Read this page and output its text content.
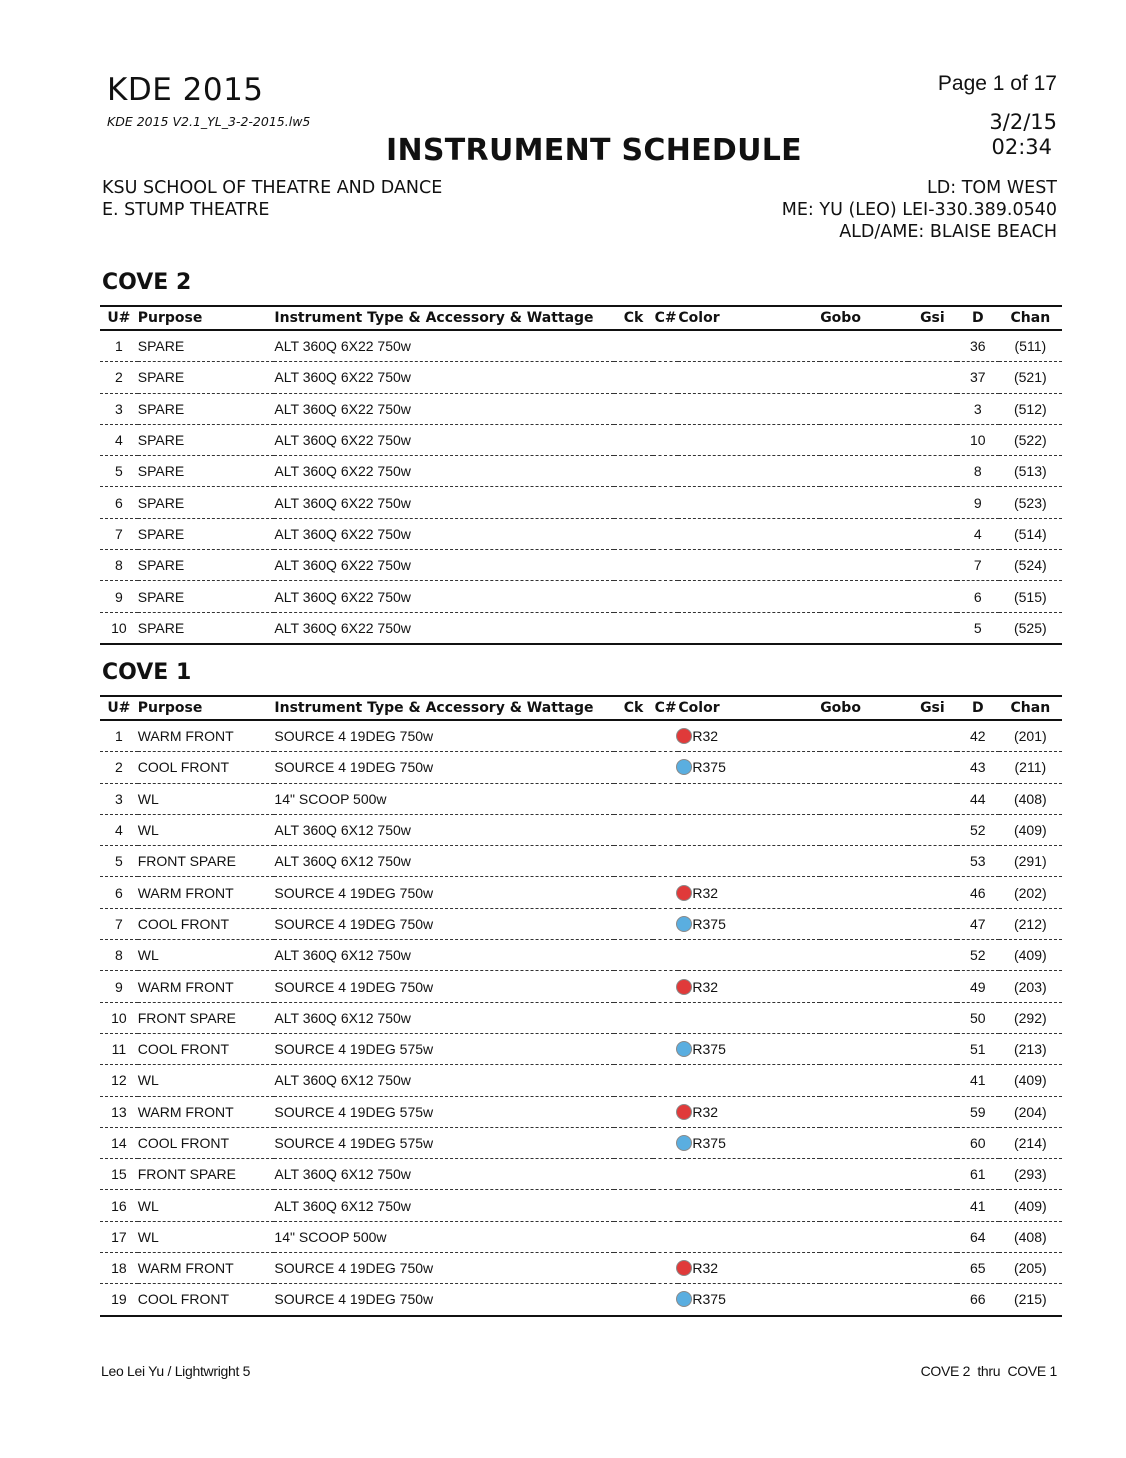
KDE 2015
KDE 2015 V2.1_YL_3-2-2015.lw5
INSTRUMENT SCHEDULE
Page 1 of 17
3/2/15
02:34
KSU SCHOOL OF THEATRE AND DANCE
E. STUMP THEATRE
LD: TOM WEST
ME: YU (LEO) LEI-330.389.0540
ALD/AME: BLAISE BEACH
COVE 2
U#	Purpose	Instrument Type & Accessory & Wattage	Ck	C#	Color	Gobo	Gsi	D	Chan
1	SPARE	ALT 360Q 6X22 750w						36	(511)
2	SPARE	ALT 360Q 6X22 750w						37	(521)
3	SPARE	ALT 360Q 6X22 750w						3	(512)
4	SPARE	ALT 360Q 6X22 750w						10	(522)
5	SPARE	ALT 360Q 6X22 750w						8	(513)
6	SPARE	ALT 360Q 6X22 750w						9	(523)
7	SPARE	ALT 360Q 6X22 750w						4	(514)
8	SPARE	ALT 360Q 6X22 750w						7	(524)
9	SPARE	ALT 360Q 6X22 750w						6	(515)
10	SPARE	ALT 360Q 6X22 750w						5	(525)
COVE 1
U#	Purpose	Instrument Type & Accessory & Wattage	Ck	C#	Color	Gobo	Gsi	D	Chan
1	WARM FRONT	SOURCE 4 19DEG 750w			R32			42	(201)
2	COOL FRONT	SOURCE 4 19DEG 750w			R375			43	(211)
3	WL	14" SCOOP 500w						44	(408)
4	WL	ALT 360Q 6X12 750w						52	(409)
5	FRONT SPARE	ALT 360Q 6X12 750w						53	(291)
6	WARM FRONT	SOURCE 4 19DEG 750w			R32			46	(202)
7	COOL FRONT	SOURCE 4 19DEG 750w			R375			47	(212)
8	WL	ALT 360Q 6X12 750w						52	(409)
9	WARM FRONT	SOURCE 4 19DEG 750w			R32			49	(203)
10	FRONT SPARE	ALT 360Q 6X12 750w						50	(292)
11	COOL FRONT	SOURCE 4 19DEG 575w			R375			51	(213)
12	WL	ALT 360Q 6X12 750w						41	(409)
13	WARM FRONT	SOURCE 4 19DEG 575w			R32			59	(204)
14	COOL FRONT	SOURCE 4 19DEG 575w			R375			60	(214)
15	FRONT SPARE	ALT 360Q 6X12 750w						61	(293)
16	WL	ALT 360Q 6X12 750w						41	(409)
17	WL	14" SCOOP 500w						64	(408)
18	WARM FRONT	SOURCE 4 19DEG 750w			R32			65	(205)
19	COOL FRONT	SOURCE 4 19DEG 750w			R375			66	(215)
Leo Lei Yu / Lightwright 5	COVE 2  thru  COVE 1
